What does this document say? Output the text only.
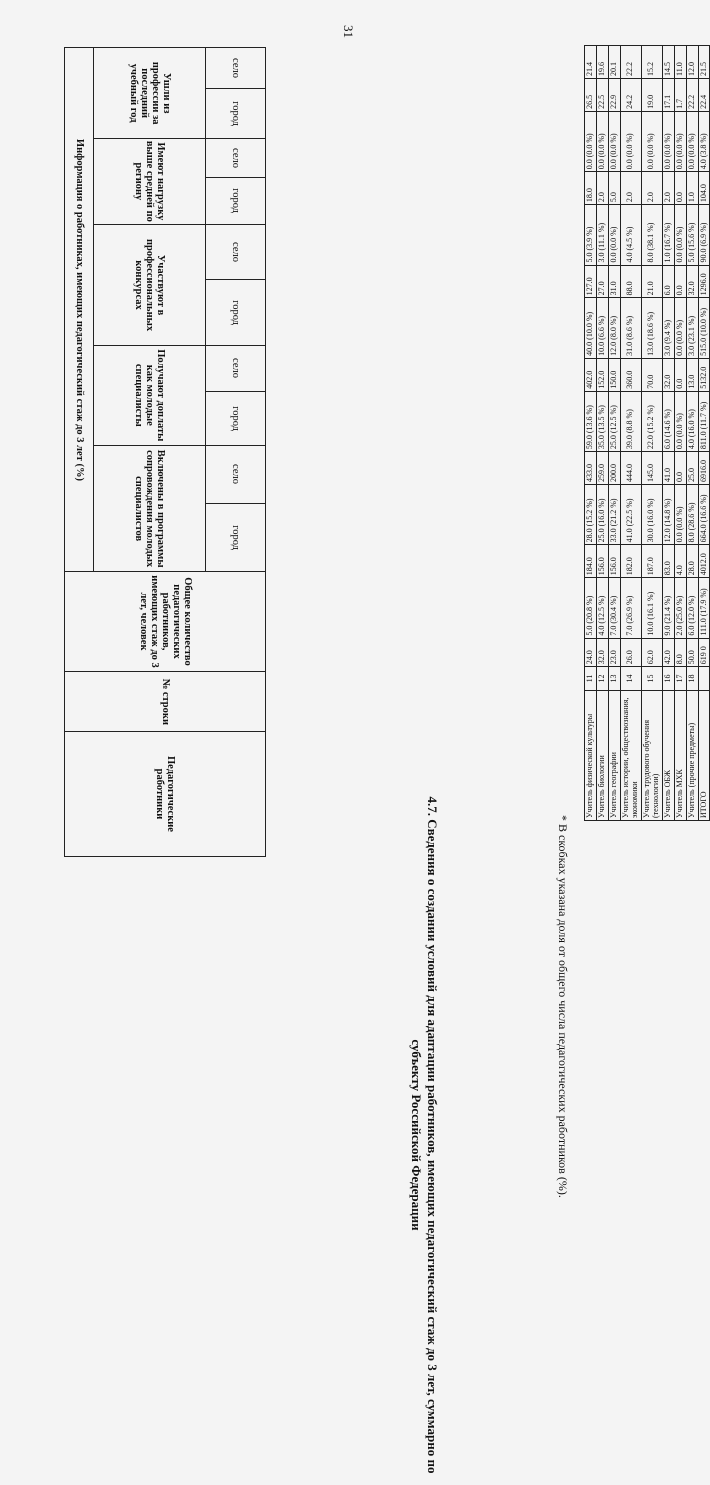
Учитель физической культуры	11	24.0	5.0 (20.8 %)	184.0	28.0 (15.2 %)	433.0	59.0 (13.6 %)	402.0	40.0 (10.0 %)	127.0	5.0 (3.9 %)	18.0	0.0 (0.0 %)	26.5	21.4
Учитель биологии	12	32.0	4.0 (12.5 %)	156.0	25.0 (16.0 %)	259.0	35.0 (13.5 %)	152.0	10.0 (6.6 %)	27.0	3.0 (11.1 %)	2.0	0.0 (0.0 %)	22.5	19.6
Учитель географии	13	23.0	7.0 (30.4 %)	156.0	33.0 (21.2 %)	200.0	25.0 (12.5 %)	150.0	12.0 (8.0 %)	31.0	0.0 (0.0 %)	5.0	0.0 (0.0 %)	22.9	20.1
Учитель истории, обществознания, экономики	14	26.0	7.0 (26.9 %)	182.0	41.0 (22.5 %)	444.0	39.0 (8.8 %)	360.0	31.0 (8.6 %)	88.0	4.0 (4.5 %)	2.0	0.0 (0.0 %)	24.2	22.2
Учитель трудового обучения (технологии)	15	62.0	10.0 (16.1 %)	187.0	30.0 (16.0 %)	145.0	22.0 (15.2 %)	70.0	13.0 (18.6 %)	21.0	8.0 (38.1 %)	2.0	0.0 (0.0 %)	19.0	15.2
Учитель ОБЖ	16	42.0	9.0 (21.4 %)	83.0	12.0 (14.8 %)	41.0	6.0 (14.6 %)	32.0	3.0 (9.4 %)	6.0	1.0 (16.7 %)	2.0	0.0 (0.0 %)	17.1	14.5
Учитель МХК	17	8.0	2.0 (25.0 %)	4.0	0.0 (0.0 %)	0.0	0.0 (0.0 %)	0.0	0.0 (0.0 %)	0.0	0.0 (0.0 %)	0.0	0.0 (0.0 %)	1.7	11.0
Учитель (прочие предметы)	18	50.0	6.0 (12.0 %)	28.0	8.0 (28.6 %)	25.0	4.0 (16.0 %)	13.0	3.0 (23.1 %)	32.0	5.0 (15.6 %)	1.0	0.0 (0.0 %)	22.2	12.0
ИТОГО		619 0	111.0 (17.9 %)	4012.0	664.0 (16.6 %)	6916.0	811.0 (11.7 %)	5132.0	515.0 (10.0 %)	1296.0	90.0 (6.9 %)	104.0	4.0 (3.8 %)	22.4	21.5
* В скобках указана доля от общего числа педагогических работников (%).
31
4.7. Сведения о создании условий для адаптации работников, имеющих педагогический стаж до 3 лет, суммарно по субъекту Российской Федерации
Педагогические работники	№ строки	Общее количество педагогических работников, имеющих стаж до 3 лет, человек	Информация о работниках, имеющих педагогический стаж до 3 лет (%)									
			Включены в программы сопровождения молодых специалистов		Получают доплаты как молодые специалисты		Участвуют в профессиональных конкурсах		Имеют нагрузку выше средней по региону		Ушли из профессии за последний учебный год	
			город	село	город	село	город	село	город	село	город	село
